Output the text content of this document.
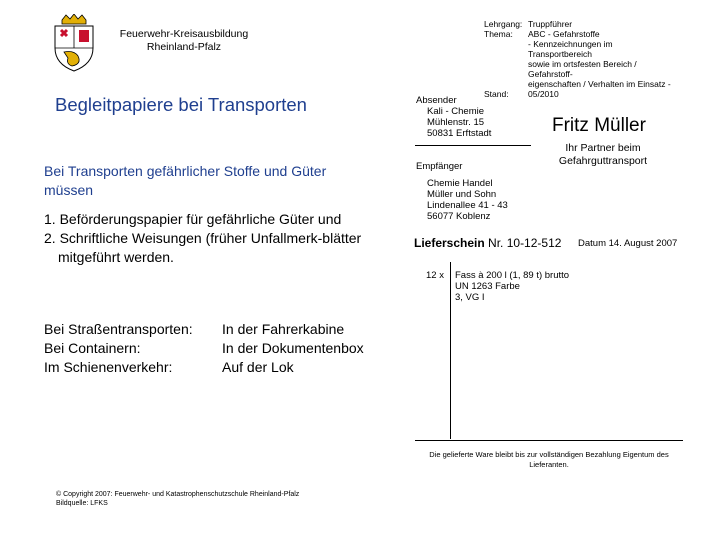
Feuerwehr-Kreisausbildung
Rheinland-Pfalz
Lehrgang: Truppführer
Thema:	ABC - Gefahrstoffe
- Kennzeichnungen im Transportbereich
sowie im ortsfesten Bereich / Gefahrstoff-
eigenschaften / Verhalten im Einsatz -
Stand:	05/2010
Begleitpapiere bei Transporten
Bei Transporten gefährlicher Stoffe und Güter
müssen
1. Beförderungspapier für gefährliche Güter und
2. Schriftliche Weisungen (früher Unfallmerk-blätter mitgeführt werden.
Bei Straßentransporten:	In der Fahrerkabine
Bei Containern:	In der Dokumentenbox
Im Schienenverkehr:	Auf der Lok
Absender
Kali - Chemie
Mühlenstr. 15
50831 Erftstadt	Fritz Müller
Ihr Partner beim
Gefahrguttransport
Empfänger
Chemie Handel
Müller und Sohn
Lindenallee 41 - 43
56077 Koblenz
Lieferschein Nr. 10-12-512 Datum 14. August 2007
12 x Fass à 200 l (1, 89 t) brutto
UN 1263 Farbe
3, VG I
Die gelieferte Ware bleibt bis zur vollständigen Bezahlung Eigentum des Lieferanten.
© Copyright 2007: Feuerwehr- und Katastrophenschutzschule Rheinland-Pfalz
Bildquelle: LFKS
